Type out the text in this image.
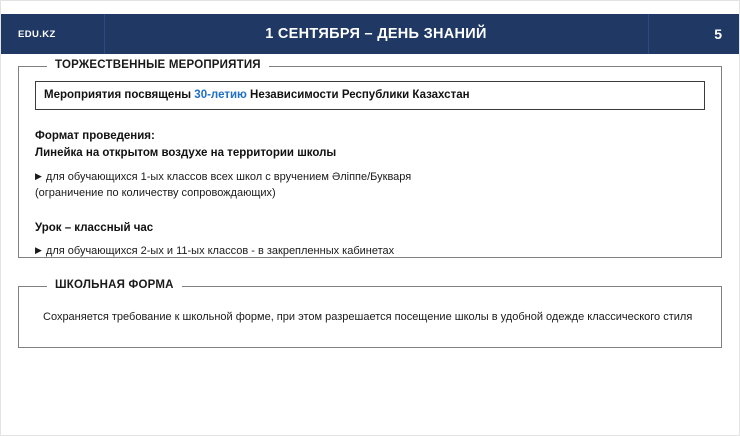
EDU.KZ	1 СЕНТЯБРЯ – ДЕНЬ ЗНАНИЙ	5
ТОРЖЕСТВЕННЫЕ МЕРОПРИЯТИЯ
Мероприятия посвящены 30-летию Независимости Республики Казахстан
Формат проведения:
Линейка на открытом воздухе на территории школы
▶ для обучающихся 1-ых классов всех школ с вручением Әліппе/Букваря
(ограничение по количеству сопровождающих)
Урок – классный час
▶ для обучающихся 2-ых и 11-ых классов - в закрепленных кабинетах
ШКОЛЬНАЯ ФОРМА
Сохраняется требование к школьной форме, при этом разрешается посещение школы в удобной одежде классического стиля
